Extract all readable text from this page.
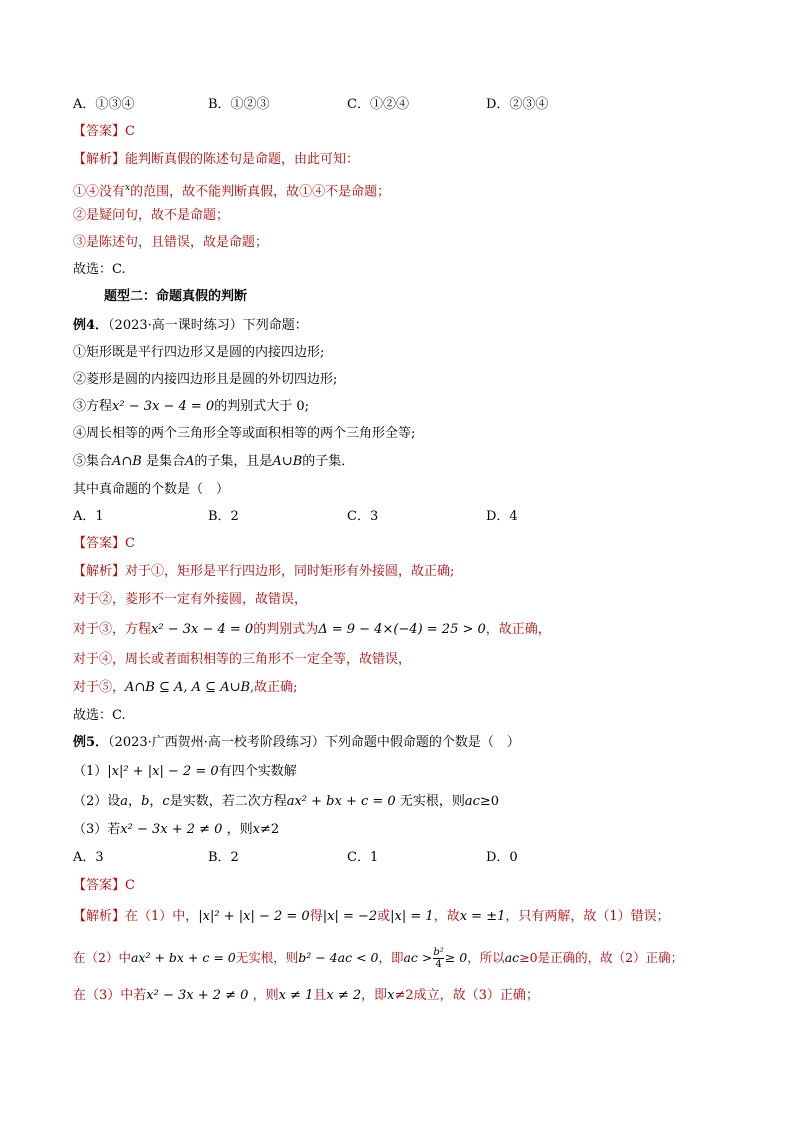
A．①③④	B．①②③	C．①②④	D．②③④
【答案】C
【解析】能判断真假的陈述句是命题，由此可知：
①④没有$^x$的范围，故不能判断真假，故①④不是命题；
②是疑问句，故不是命题；
③是陈述句，且错误，故是命题；
故选：C.
题型二：命题真假的判断
例4．（2023·高一课时练习）下列命题：
①矩形既是平行四边形又是圆的内接四边形;
②菱形是圆的内接四边形且是圆的外切四边形;
③方程x² − 3x − 4 = 0的判别式大于 0;
④周长相等的两个三角形全等或面积相等的两个三角形全等;
⑤集合A∩B 是集合A的子集，且是A∪B的子集．
其中真命题的个数是（　）
A．1	B．2	C．3	D．4
【答案】C
【解析】对于①，矩形是平行四边形，同时矩形有外接圆，故正确;
对于②，菱形不一定有外接圆，故错误，
对于③，方程x² − 3x − 4 = 0的判别式为Δ = 9 − 4×(−4) = 25 > 0，故正确，
对于④，周长或者面积相等的三角形不一定全等，故错误，
对于⑤，A∩B ⊆ A, A ⊆ A∪B,故正确;
故选：C.
例5．（2023·广西贺州·高一校考阶段练习）下列命题中假命题的个数是（　）
（1）|x|² + |x| − 2 = 0有四个实数解
（2）设a，b，c是实数，若二次方程ax² + bx + c = 0 无实根，则ac≥0
（3）若x² − 3x + 2 ≠ 0 ，则x≠2
A．3	B．2	C．1	D．0
【答案】C
【解析】在（1）中，|x|² + |x| − 2 = 0得|x| = −2或|x| = 1，故x = ±1，只有两解，故（1）错误；
在（2）中ax² + bx + c = 0无实根，则b² − 4ac < 0，即ac > $\frac{\text{b²}}{4} \ge 0$，所以ac≥0是正确的，故（2）正确；
在（3）中若x² − 3x + 2 ≠ 0 ，则x ≠ 1且x ≠ 2，即x≠2成立，故（3）正确；
